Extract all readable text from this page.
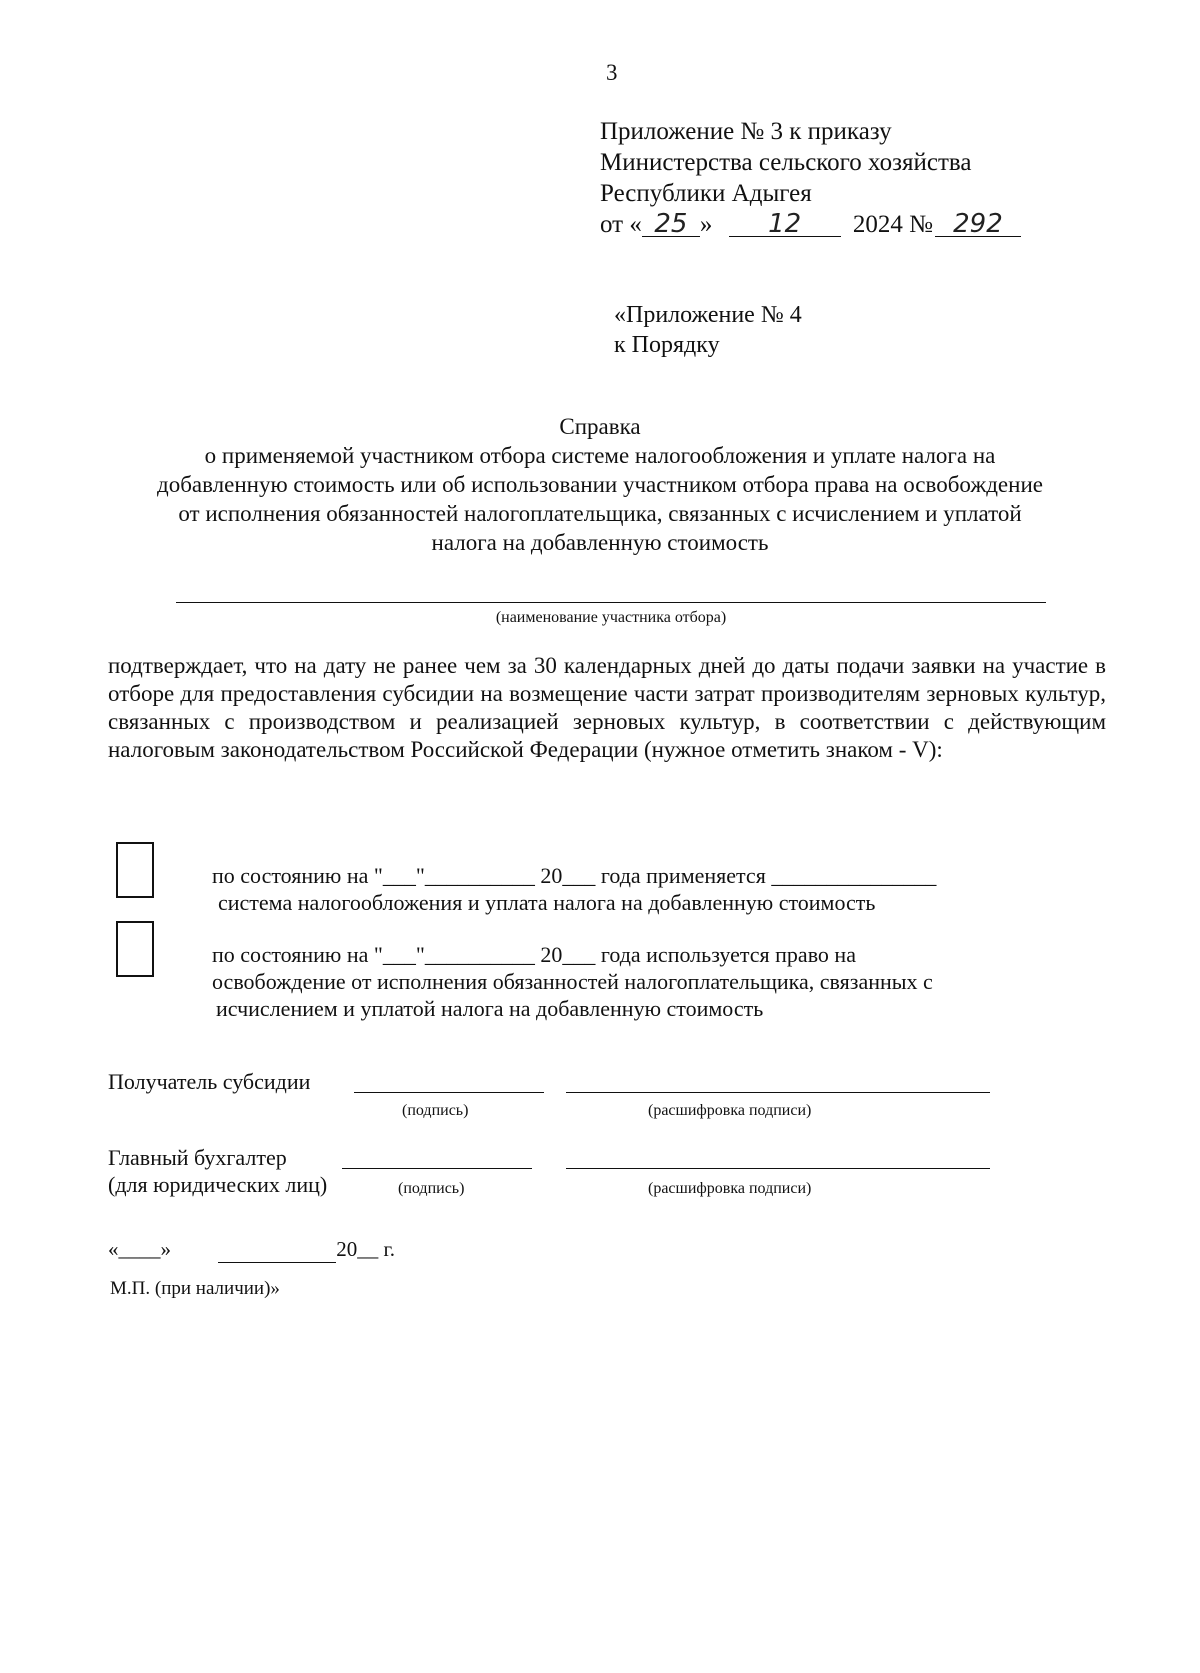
3
Приложение № 3 к приказу
Министерства сельского хозяйства
Республики Адыгея
от « 25 » 12 2024 № 292
«Приложение № 4
к Порядку
Справка
о применяемой участником отбора системе налогообложения и уплате налога на
добавленную стоимость или об использовании участником отбора права на освобождение
от исполнения обязанностей налогоплательщика, связанных с исчислением и уплатой
налога на добавленную стоимость
(наименование участника отбора)
подтверждает, что на дату не ранее чем за 30 календарных дней до даты подачи заявки на участие в отборе для предоставления субсидии на возмещение части затрат производителям зерновых культур, связанных с производством и реализацией зерновых культур, в соответствии с действующим налоговым законодательством Российской Федерации (нужное отметить знаком - V):
по состоянию на "___"__________ 20___ года применяется _______________
система налогообложения и уплата налога на добавленную стоимость
по состоянию на "___"__________ 20___ года используется право на
освобождение от исполнения обязанностей налогоплательщика, связанных с
исчислением и уплатой налога на добавленную стоимость
Получатель субсидии
(подпись)	(расшифровка подписи)
Главный бухгалтер
(для юридических лиц)	(подпись)	(расшифровка подписи)
«____»	20__ г.
М.П. (при наличии)»
